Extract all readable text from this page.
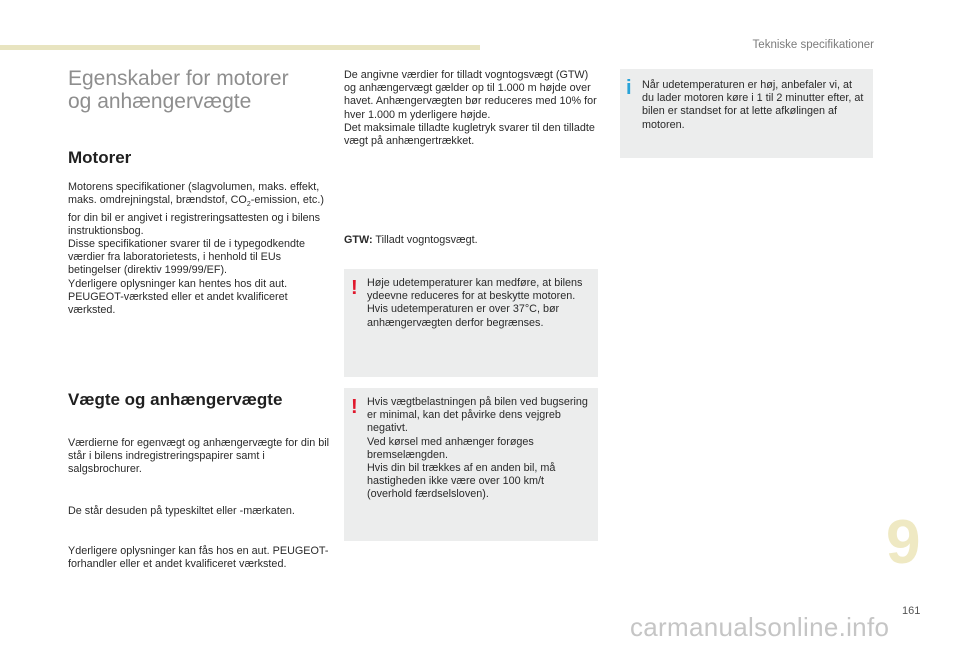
Tekniske specifikationer
Egenskaber for motorer
og anhængervægte
Motorer
Motorens specifikationer (slagvolumen, maks. effekt, maks. omdrejningstal, brændstof, $CO_2$-emission, etc.) for din bil er angivet i registreringsattesten og i bilens instruktionsbog.
Disse specifikationer svarer til de i typegodkendte værdier fra laboratorietests, i henhold til EUs betingelser (direktiv 1999/99/EF).
Yderligere oplysninger kan hentes hos dit aut. PEUGEOT-værksted eller et andet kvalificeret værksted.
Vægte og anhængervægte
Værdierne for egenvægt og anhængervægte for din bil står i bilens indregistreringspapirer samt i salgsbrochurer.
De står desuden på typeskiltet eller -mærkaten.
Yderligere oplysninger kan fås hos en aut. PEUGEOT-forhandler eller et andet kvalificeret værksted.
De angivne værdier for tilladt vogntogsvægt (GTW) og anhængervægt gælder op til 1.000 m højde over havet. Anhængervægten bør reduceres med 10% for hver 1.000 m yderligere højde.
Det maksimale tilladte kugletryk svarer til den tilladte vægt på anhængertrækket.
GTW: Tilladt vogntogsvægt.
! Høje udetemperaturer kan medføre, at bilens ydeevne reduceres for at beskytte motoren. Hvis udetemperaturen er over 37°C, bør anhængervægten derfor begrænses.
! Hvis vægtbelastningen på bilen ved bugsering er minimal, kan det påvirke dens vejgreb negativt.
Ved kørsel med anhænger forøges bremselængden.
Hvis din bil trækkes af en anden bil, må hastigheden ikke være over 100 km/t (overhold færdselsloven).
i Når udetemperaturen er høj, anbefaler vi, at du lader motoren køre i 1 til 2 minutter efter, at bilen er standset for at lette afkølingen af motoren.
9
161
carmanualsonline.info
